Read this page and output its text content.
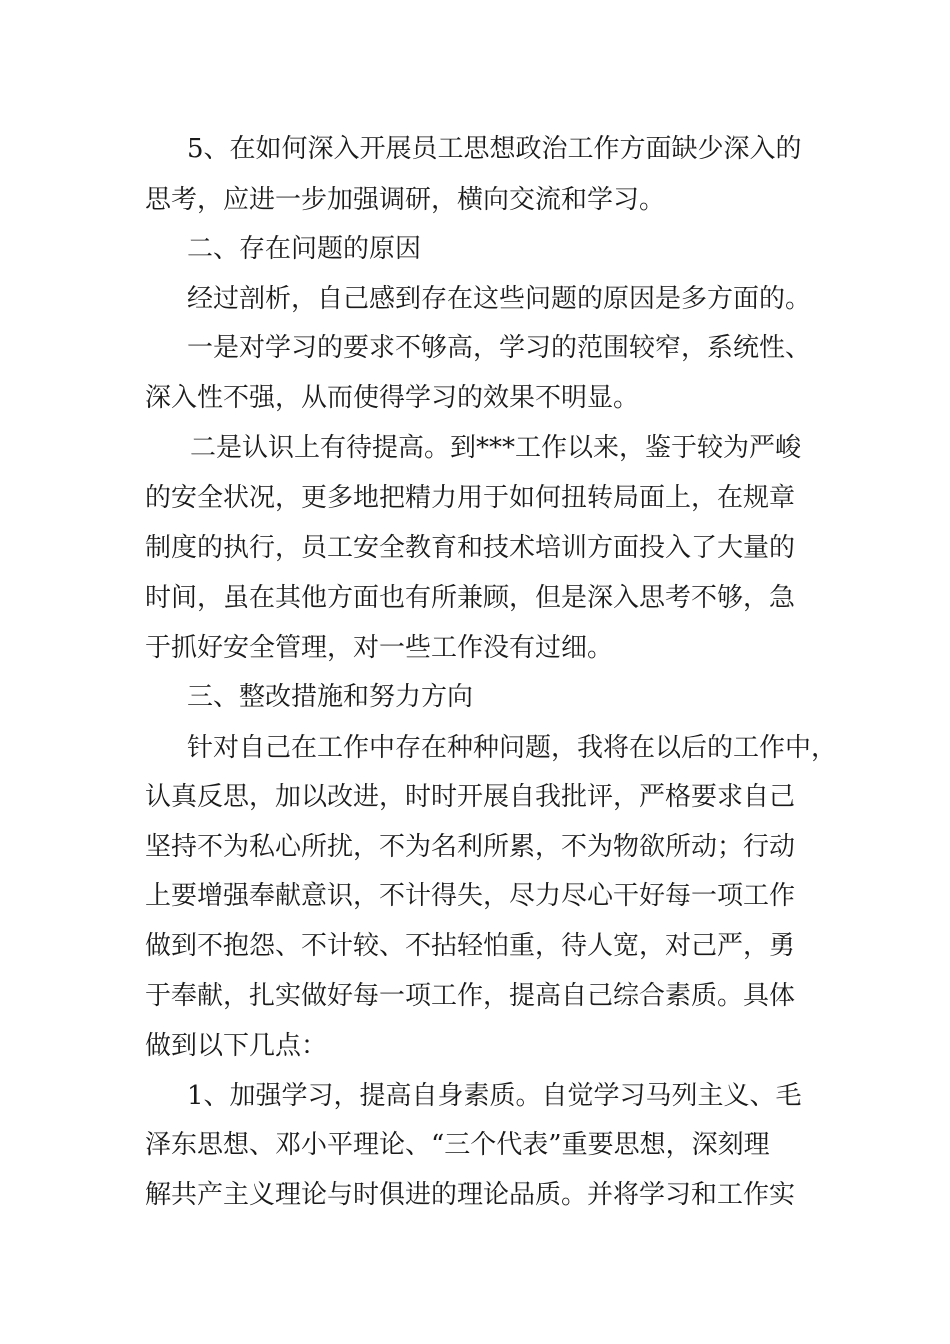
5、在如何深入开展员工思想政治工作方面缺少深入的
思考，应进一步加强调研，横向交流和学习。
二、存在问题的原因
经过剖析，自己感到存在这些问题的原因是多方面的。
一是对学习的要求不够高，学习的范围较窄，系统性、
深入性不强，从而使得学习的效果不明显。
二是认识上有待提高。到***工作以来，鉴于较为严峻
的安全状况，更多地把精力用于如何扭转局面上，在规章
制度的执行，员工安全教育和技术培训方面投入了大量的
时间，虽在其他方面也有所兼顾，但是深入思考不够，急
于抓好安全管理，对一些工作没有过细。
三、整改措施和努力方向
针对自己在工作中存在种种问题，我将在以后的工作中，
认真反思，加以改进，时时开展自我批评，严格要求自己
坚持不为私心所扰，不为名利所累，不为物欲所动；行动
上要增强奉献意识，不计得失，尽力尽心干好每一项工作
做到不抱怨、不计较、不拈轻怕重，待人宽，对己严，勇
于奉献，扎实做好每一项工作，提高自己综合素质。具体
做到以下几点：
1、加强学习，提高自身素质。自觉学习马列主义、毛
泽东思想、邓小平理论、“三个代表”重要思想，深刻理
解共产主义理论与时俱进的理论品质。并将学习和工作实
